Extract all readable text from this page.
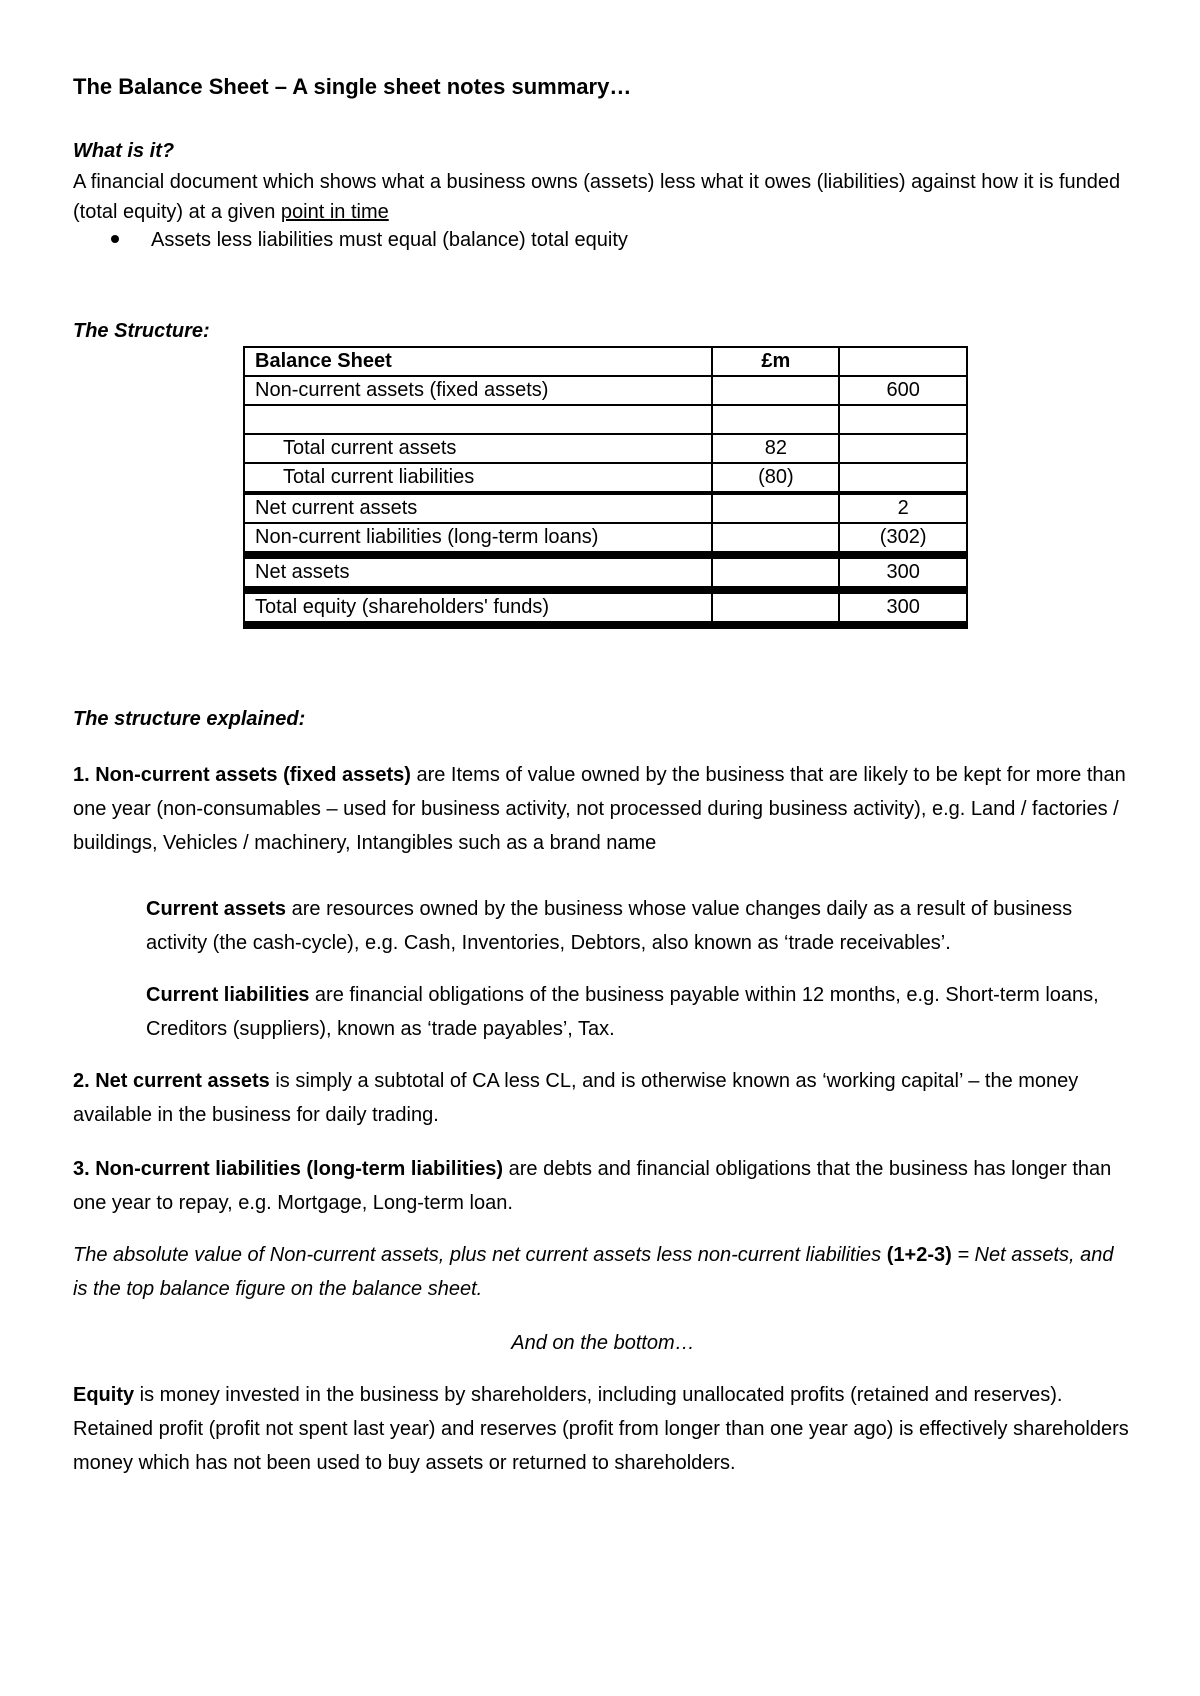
The Balance Sheet – A single sheet notes summary…
What is it?
A financial document which shows what a business owns (assets) less what it owes (liabilities) against how it is funded (total equity) at a given point in time
Assets less liabilities must equal (balance) total equity
The Structure:
Balance Sheet	£m	
Non-current assets (fixed assets)		600

Total current assets	82	
Total current liabilities	(80)	
Net current assets		2
Non-current liabilities (long-term loans)		(302)
Net assets		300
Total equity (shareholders' funds)		300
The structure explained:
1. Non-current assets (fixed assets) are Items of value owned by the business that are likely to be kept for more than one year (non-consumables – used for business activity, not processed during business activity), e.g. Land / factories / buildings, Vehicles / machinery, Intangibles such as a brand name
Current assets are resources owned by the business whose value changes daily as a result of business activity (the cash-cycle), e.g. Cash, Inventories, Debtors, also known as ‘trade receivables’.
Current liabilities are financial obligations of the business payable within 12 months, e.g. Short-term loans, Creditors (suppliers), known as ‘trade payables’, Tax.
2. Net current assets is simply a subtotal of CA less CL, and is otherwise known as ‘working capital’ – the money available in the business for daily trading.
3. Non-current liabilities (long-term liabilities) are debts and financial obligations that the business has longer than one year to repay, e.g. Mortgage, Long-term loan.
The absolute value of Non-current assets, plus net current assets less non-current liabilities (1+2-3) = Net assets, and is the top balance figure on the balance sheet.
And on the bottom…
Equity is money invested in the business by shareholders, including unallocated profits (retained and reserves). Retained profit (profit not spent last year) and reserves (profit from longer than one year ago) is effectively shareholders money which has not been used to buy assets or returned to shareholders.
